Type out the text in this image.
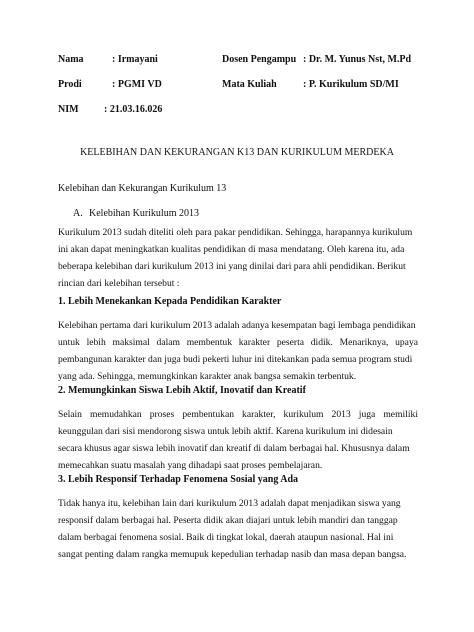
Nama	: Irmayani	Dosen Pengampu : Dr. M. Yunus Nst, M.Pd
Prodi	: PGMI VD	Mata Kuliah	: P. Kurikulum SD/MI
NIM	: 21.03.16.026
KELEBIHAN DAN KEKURANGAN K13 DAN KURIKULUM MERDEKA
Kelebihan dan Kekurangan Kurikulum 13
A. Kelebihan Kurikulum 2013
Kurikulum 2013 sudah diteliti oleh para pakar pendidikan. Sehingga, harapannya kurikulum
ini akan dapat meningkatkan kualitas pendidikan di masa mendatang. Oleh karena itu, ada
beberapa kelebihan dari kurikulum 2013 ini yang dinilai dari para ahli pendidikan. Berikut
rincian dari kelebihan tersebut :
1. Lebih Menekankan Kepada Pendidikan Karakter
Kelebihan pertama dari kurikulum 2013 adalah adanya kesempatan bagi lembaga pendidikan
untuk lebih maksimal dalam membentuk karakter peserta didik. Menariknya, upaya
pembangunan karakter dan juga budi pekerti luhur ini ditekankan pada semua program studi
yang ada. Sehingga, memungkinkan karakter anak bangsa semakin terbentuk.
2. Memungkinkan Siswa Lebih Aktif, Inovatif dan Kreatif
Selain memudahkan proses pembentukan karakter, kurikulum 2013 juga memiliki
keunggulan dari sisi mendorong siswa untuk lebih aktif. Karena kurikulum ini didesain
secara khusus agar siswa lebih inovatif dan kreatif di dalam berbagai hal. Khususnya dalam
memecahkan suatu masalah yang dihadapi saat proses pembelajaran.
3. Lebih Responsif Terhadap Fenomena Sosial yang Ada
Tidak hanya itu, kelebihan lain dari kurikulum 2013 adalah dapat menjadikan siswa yang
responsif dalam berbagai hal. Peserta didik akan diajari untuk lebih mandiri dan tanggap
dalam berbagai fenomena sosial. Baik di tingkat lokal, daerah ataupun nasional. Hal ini
sangat penting dalam rangka memupuk kepedulian terhadap nasib dan masa depan bangsa.
